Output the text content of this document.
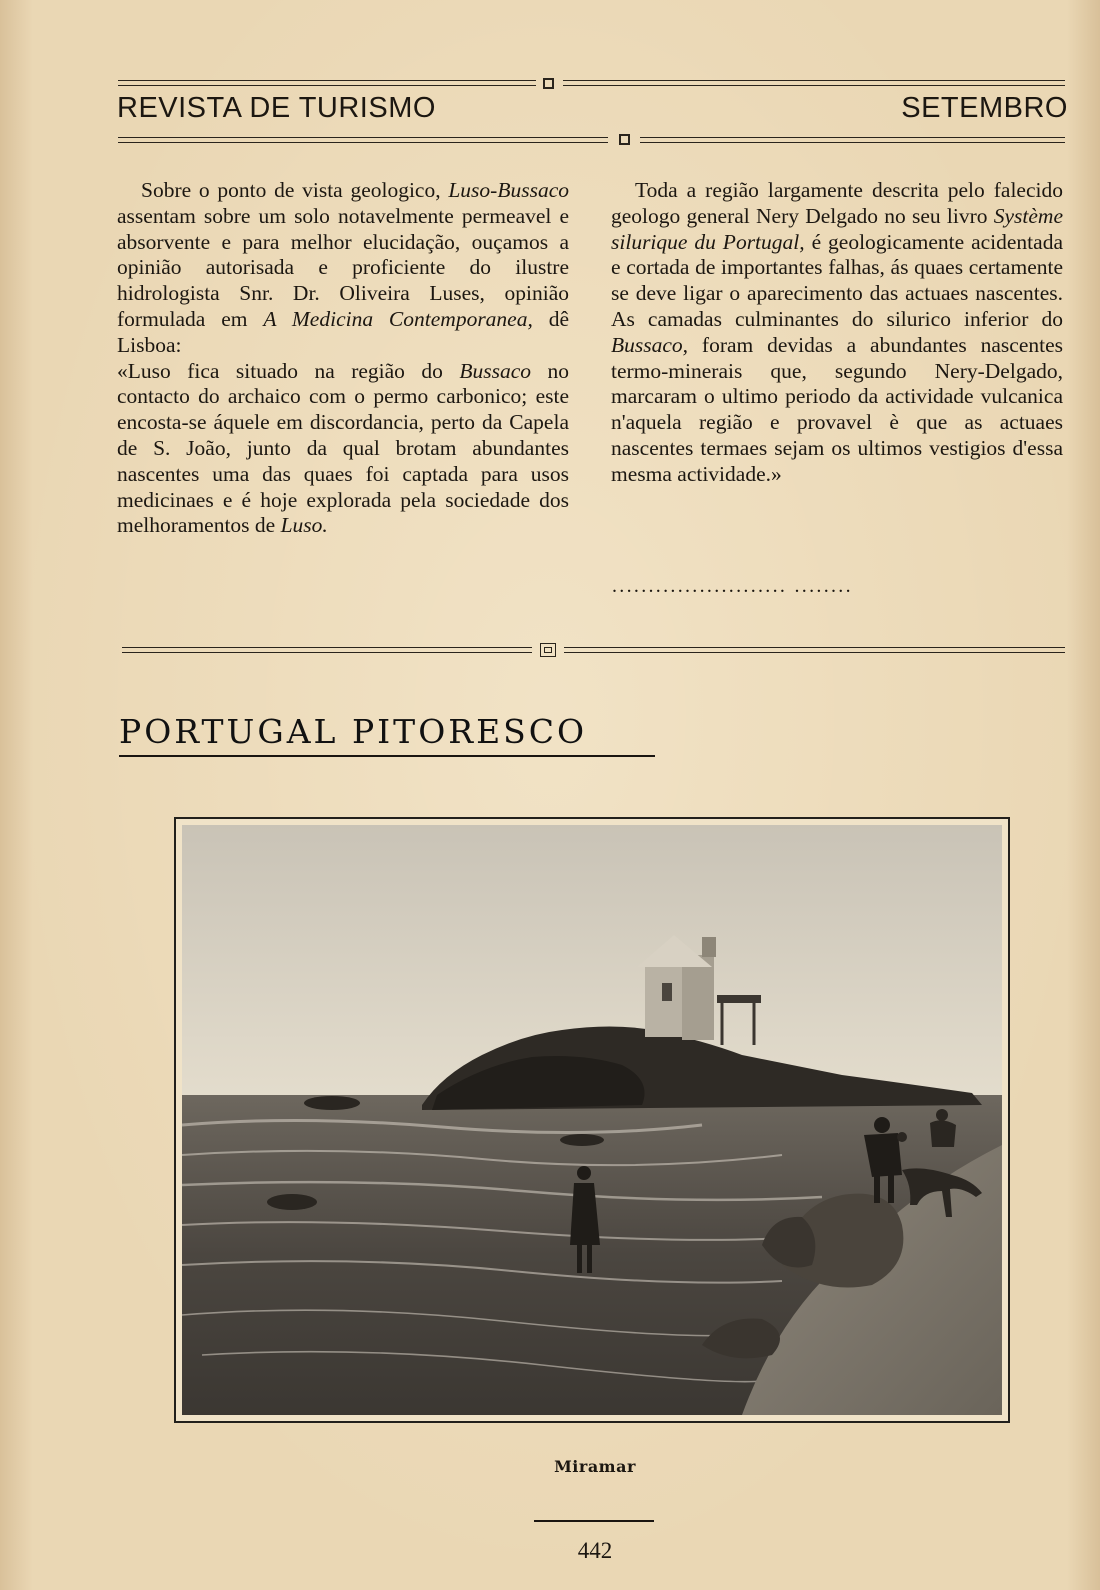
REVISTA DE TURISMO	SETEMBRO

Sobre o ponto de vista geologico, Luso-Bussaco assentam sobre um solo notavelmente permeavel e absorvente e para melhor elucidação, ouçamos a opinião autorisada e proficiente do ilustre hidrologista Snr. Dr. Oliveira Luses, opinião formulada em A Medicina Contemporanea, dê Lisboa:

«Luso fica situado na região do Bussaco no contacto do archaico com o permo carbonico; este encosta-se áquele em discordancia, perto da Capela de S. João, junto da qual brotam abundantes nascentes uma das quaes foi captada para usos medicinaes e é hoje explorada pela sociedade dos melhoramentos de Luso.

Toda a região largamente descrita pelo falecido geologo general Nery Delgado no seu livro Système silurique du Portugal, é geologicamente acidentada e cortada de importantes falhas, ás quaes certamente se deve ligar o aparecimento das actuaes nascentes. As camadas culminantes do silurico inferior do Bussaco, foram devidas a abundantes nascentes termo-minerais que, segundo Nery-Delgado, marcaram o ultimo periodo da actividade vulcanica n'aquela região e provavel è que as actuaes nascentes termaes sejam os ultimos vestigios d'essa mesma actividade.»

........................ ........
PORTUGAL PITORESCO
Miramar
442
